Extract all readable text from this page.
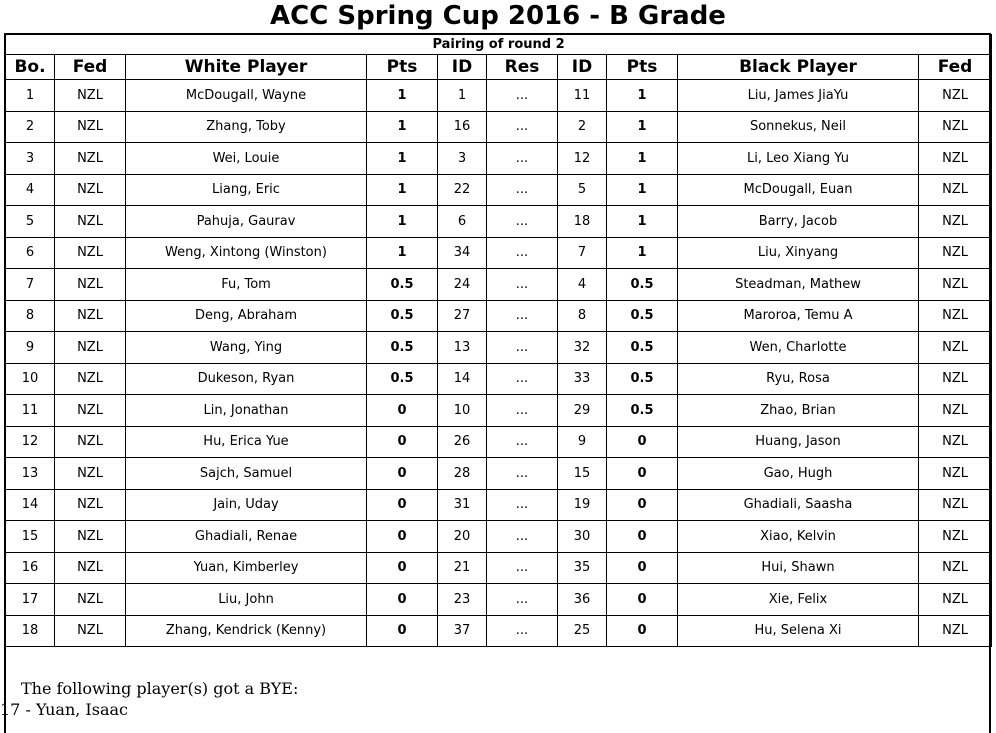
ACC Spring Cup 2016 - B Grade
Pairing of round 2									
Bo.	Fed	White Player	Pts	ID	Res	ID	Pts	Black Player	Fed
1	NZL	McDougall, Wayne	1	1	...	11	1	Liu, James JiaYu	NZL
2	NZL	Zhang, Toby	1	16	...	2	1	Sonnekus, Neil	NZL
3	NZL	Wei, Louie	1	3	...	12	1	Li, Leo Xiang Yu	NZL
4	NZL	Liang, Eric	1	22	...	5	1	McDougall, Euan	NZL
5	NZL	Pahuja, Gaurav	1	6	...	18	1	Barry, Jacob	NZL
6	NZL	Weng, Xintong (Winston)	1	34	...	7	1	Liu, Xinyang	NZL
7	NZL	Fu, Tom	0.5	24	...	4	0.5	Steadman, Mathew	NZL
8	NZL	Deng, Abraham	0.5	27	...	8	0.5	Maroroa, Temu A	NZL
9	NZL	Wang, Ying	0.5	13	...	32	0.5	Wen, Charlotte	NZL
10	NZL	Dukeson, Ryan	0.5	14	...	33	0.5	Ryu, Rosa	NZL
11	NZL	Lin, Jonathan	0	10	...	29	0.5	Zhao, Brian	NZL
12	NZL	Hu, Erica Yue	0	26	...	9	0	Huang, Jason	NZL
13	NZL	Sajch, Samuel	0	28	...	15	0	Gao, Hugh	NZL
14	NZL	Jain, Uday	0	31	...	19	0	Ghadiali, Saasha	NZL
15	NZL	Ghadiali, Renae	0	20	...	30	0	Xiao, Kelvin	NZL
16	NZL	Yuan, Kimberley	0	21	...	35	0	Hui, Shawn	NZL
17	NZL	Liu, John	0	23	...	36	0	Xie, Felix	NZL
18	NZL	Zhang, Kendrick (Kenny)	0	37	...	25	0	Hu, Selena Xi	NZL
The following player(s) got a BYE:
17 - Yuan, Isaac
